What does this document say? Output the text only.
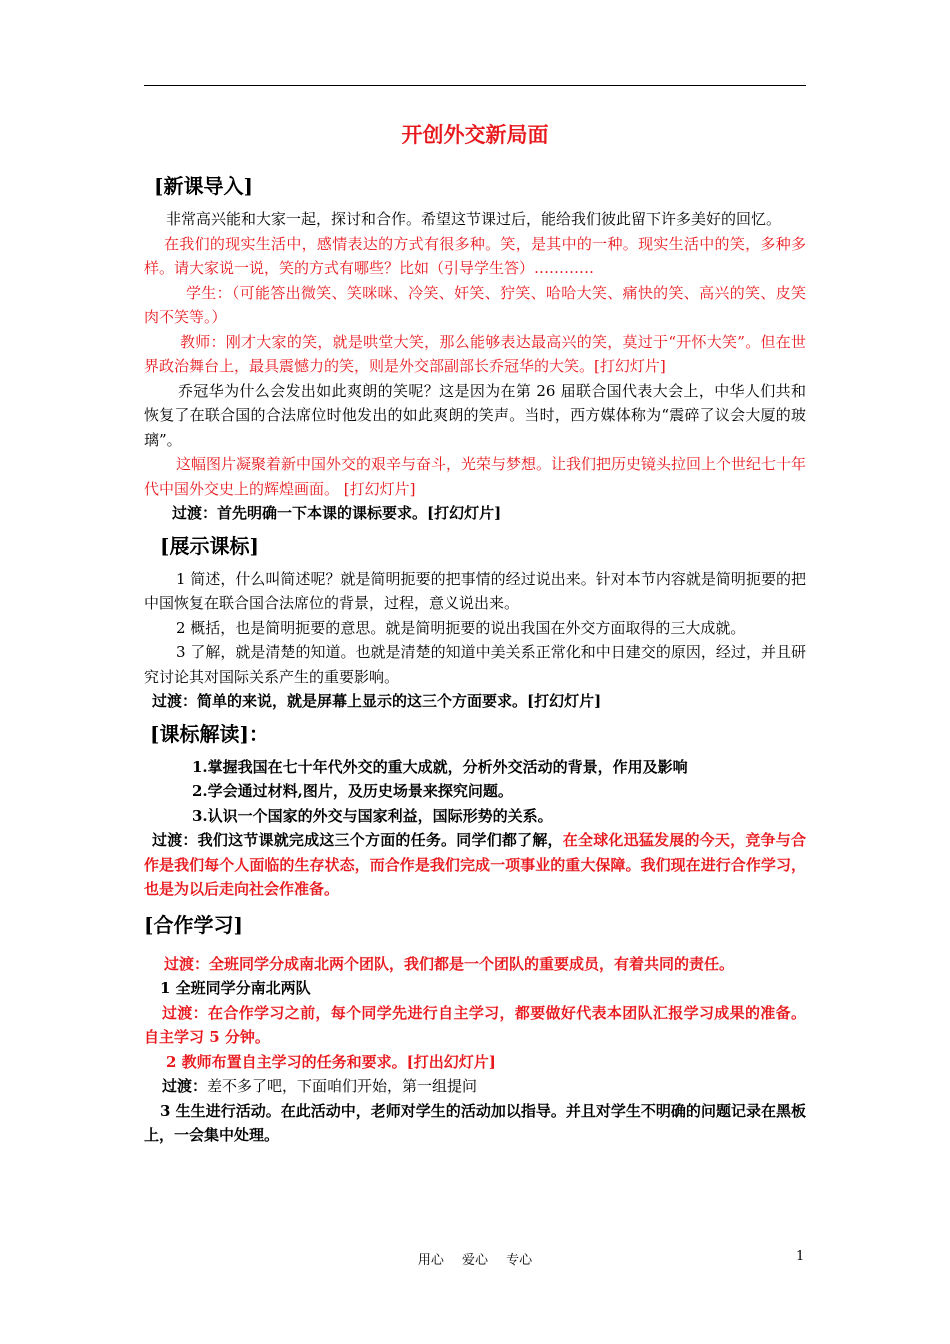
开创外交新局面
[新课导入]

非常高兴能和大家一起，探讨和合作。希望这节课过后，能给我们彼此留下许多美好的回忆。

在我们的现实生活中，感情表达的方式有很多种。笑，是其中的一种。现实生活中的笑，多种多样。请大家说一说，笑的方式有哪些？比如（引导学生答）…………

学生：（可能答出微笑、笑咪咪、冷笑、奸笑、狞笑、哈哈大笑、痛快的笑、高兴的笑、皮笑肉不笑等。）

教师：刚才大家的笑，就是哄堂大笑，那么能够表达最高兴的笑，莫过于“开怀大笑”。但在世界政治舞台上，最具震憾力的笑，则是外交部副部长乔冠华的大笑。[打幻灯片]

乔冠华为什么会发出如此爽朗的笑呢？这是因为在第 26 届联合国代表大会上，中华人们共和恢复了在联合国的合法席位时他发出的如此爽朗的笑声。当时，西方媒体称为“震碎了议会大厦的玻璃”。

这幅图片凝聚着新中国外交的艰辛与奋斗，光荣与梦想。让我们把历史镜头拉回上个世纪七十年代中国外交史上的辉煌画面。 [打幻灯片]

过渡：首先明确一下本课的课标要求。[打幻灯片]

[展示课标]

1 简述，什么叫简述呢？就是简明扼要的把事情的经过说出来。针对本节内容就是简明扼要的把中国恢复在联合国合法席位的背景，过程，意义说出来。

2 概括，也是简明扼要的意思。就是简明扼要的说出我国在外交方面取得的三大成就。

3 了解，就是清楚的知道。也就是清楚的知道中美关系正常化和中日建交的原因，经过，并且研究讨论其对国际关系产生的重要影响。

过渡：简单的来说，就是屏幕上显示的这三个方面要求。[打幻灯片]

[课标解读]：

1.掌握我国在七十年代外交的重大成就，分析外交活动的背景，作用及影响

2.学会通过材料,图片，及历史场景来探究问题。

3.认识一个国家的外交与国家利益，国际形势的关系。

过渡：我们这节课就完成这三个方面的任务。同学们都了解，在全球化迅猛发展的今天，竞争与合作是我们每个人面临的生存状态，而合作是我们完成一项事业的重大保障。我们现在进行合作学习，也是为以后走向社会作准备。

[合作学习]

过渡：全班同学分成南北两个团队，我们都是一个团队的重要成员，有着共同的责任。

1 全班同学分南北两队

过渡：在合作学习之前，每个同学先进行自主学习，都要做好代表本团队汇报学习成果的准备。自主学习 5 分钟。

2 教师布置自主学习的任务和要求。[打出幻灯片]

过渡：差不多了吧，下面咱们开始，第一组提问

3 生生进行活动。在此活动中，老师对学生的活动加以指导。并且对学生不明确的问题记录在黑板上，一会集中处理。

用心 爱心 专心	1
